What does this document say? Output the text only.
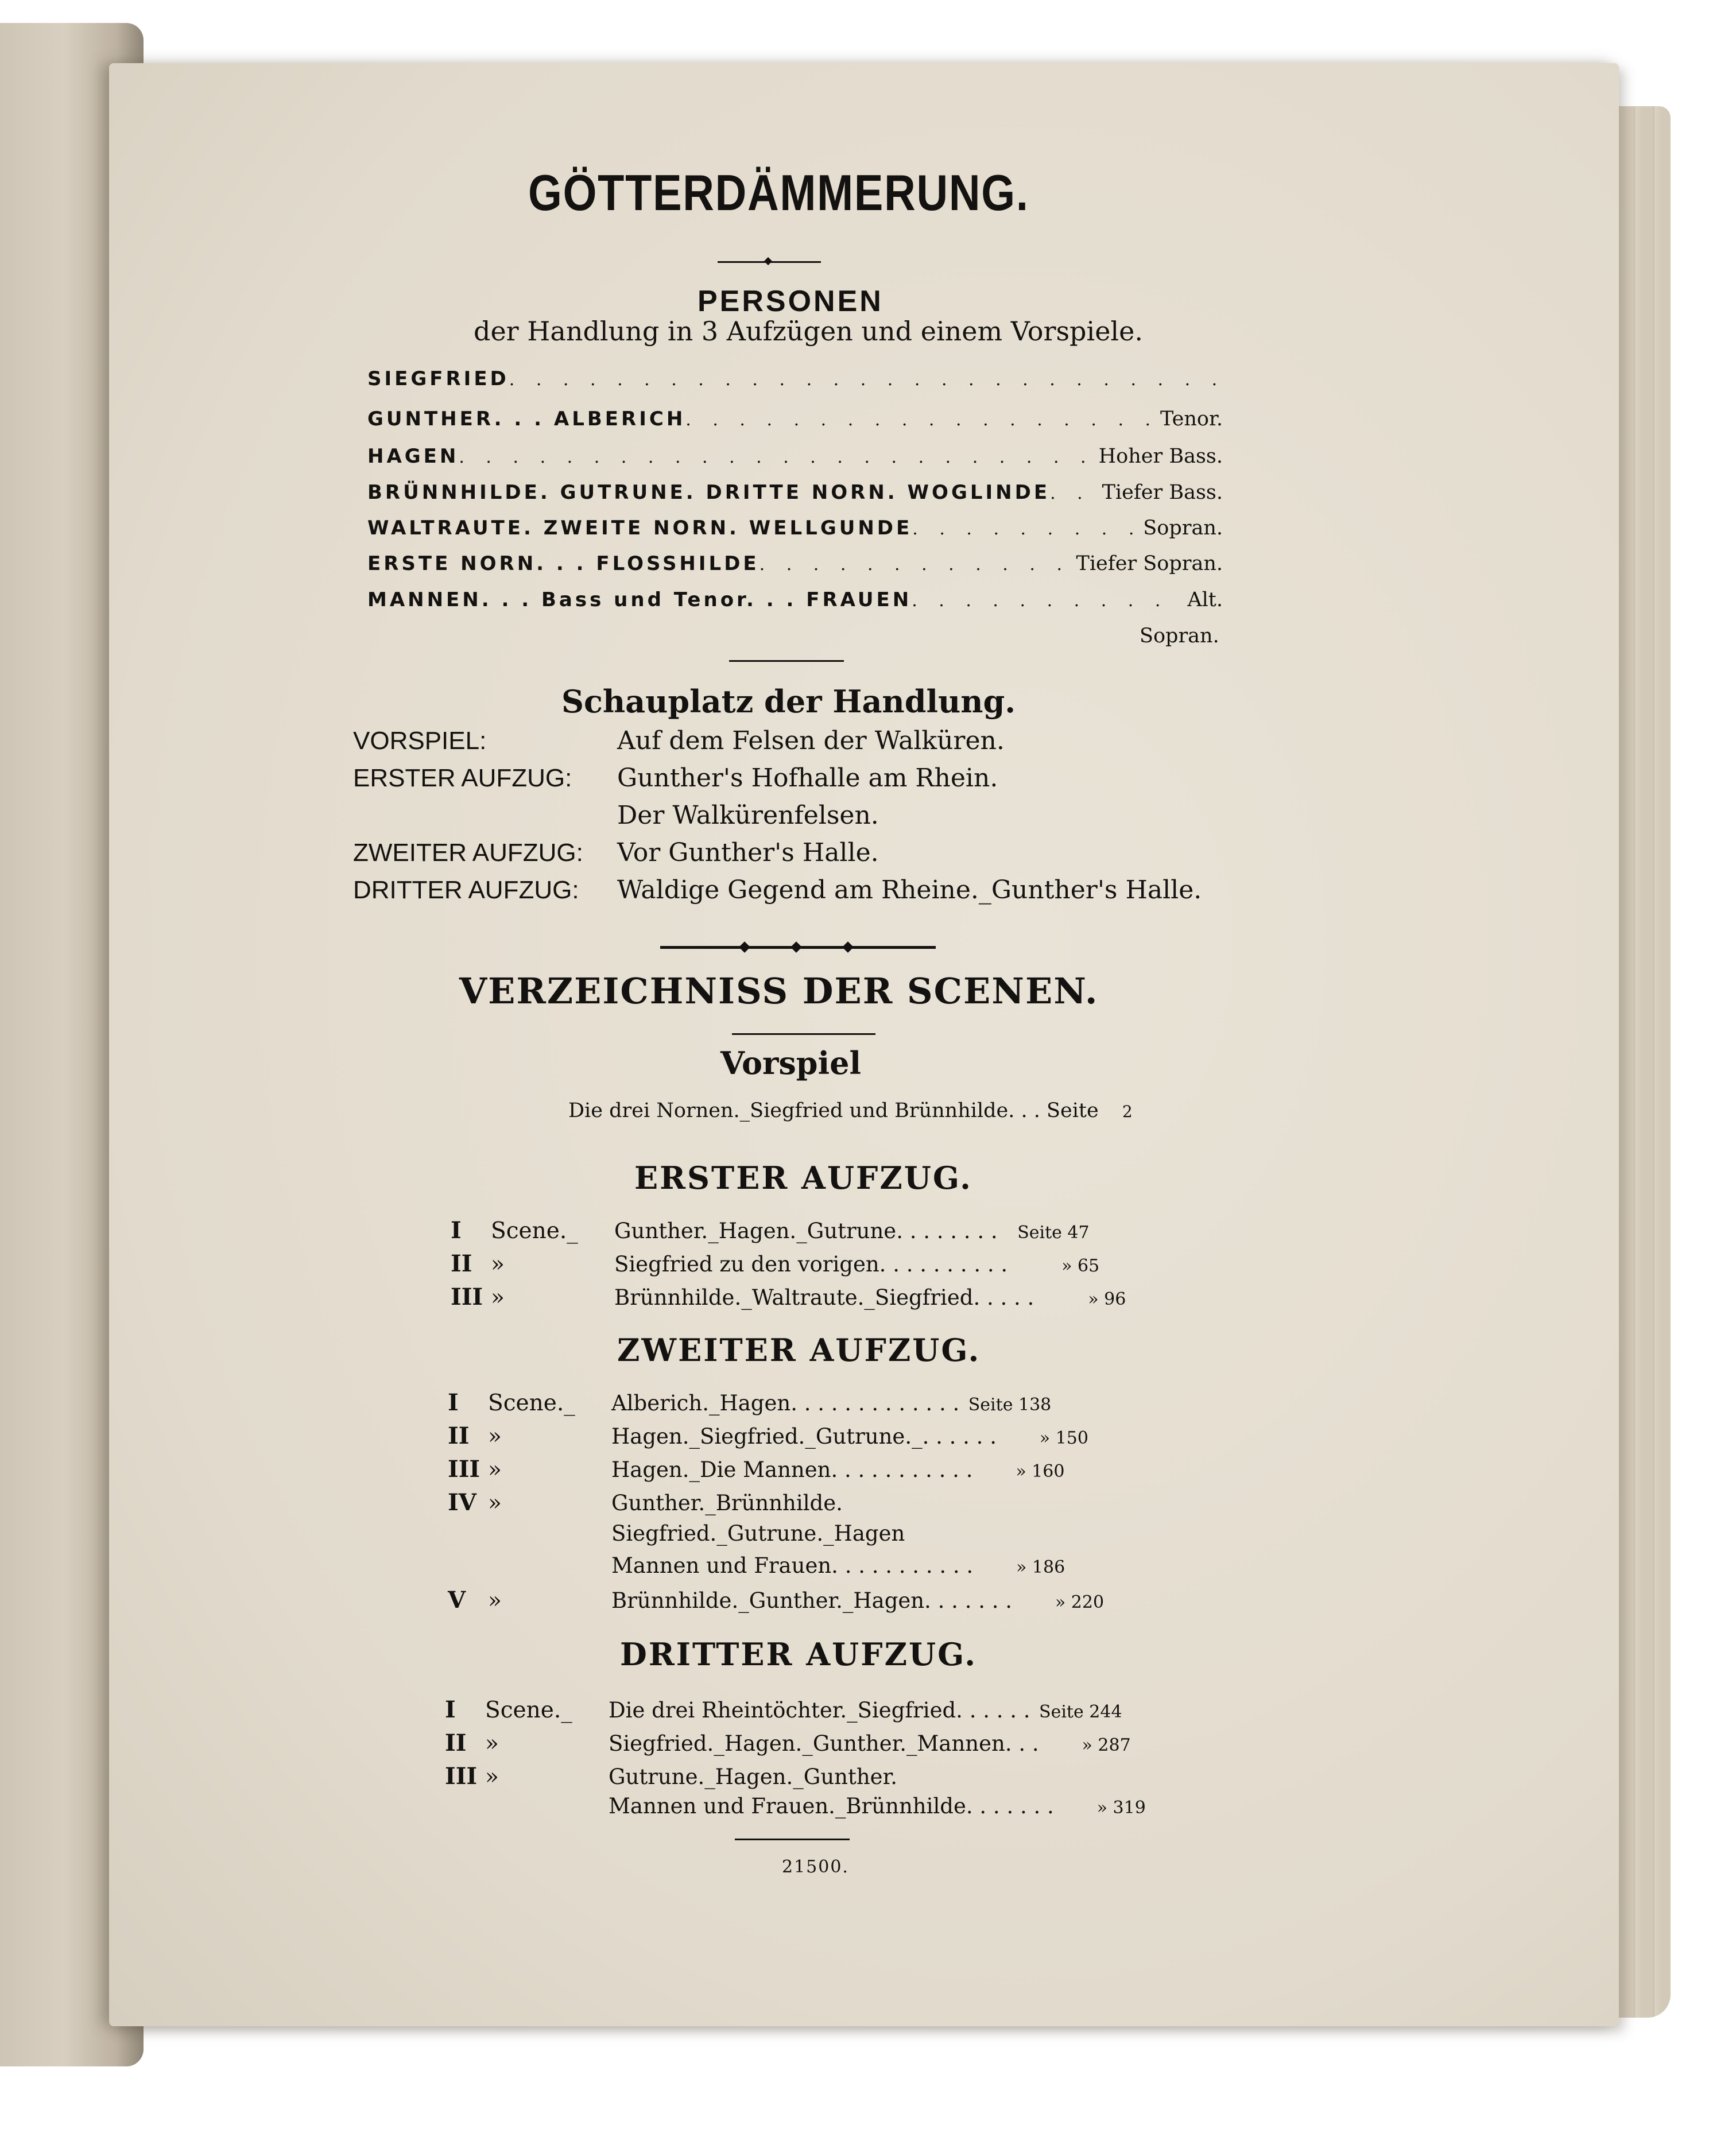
GÖTTERDÄMMERUNG.
PERSONEN
der Handlung in 3 Aufzügen und einem Vorspiele.
SIEGFRIED
. . .
GUNTHER. . . ALBERICH . . .	Tenor.
HAGEN . . .	Hoher Bass.
BRÜNNHILDE. GUTRUNE. DRITTE NORN. WOGLINDE . . .	Tiefer Bass.
WALTRAUTE. ZWEITE NORN. WELLGUNDE . . .	Sopran.
ERSTE NORN. . . FLOSSHILDE . . .	Tiefer Sopran.
MANNEN. . . Bass und Tenor. . . FRAUEN . . .	Alt.
Sopran.
Schauplatz der Handlung.
VORSPIEL:	Auf dem Felsen der Walküren.
ERSTER AUFZUG: Gunther's Hofhalle am Rhein.
Der Walkürenfelsen.
ZWEITER AUFZUG: Vor Gunther's Halle.
DRITTER AUFZUG: Waldige Gegend am Rheine._Gunther's Halle.
VERZEICHNISS DER SCENEN.
Vorspiel
Die drei Nornen._Siegfried und Brünnhilde. . . Seite 2
ERSTER AUFZUG.
I	Scene._	Gunther._Hagen._Gutrune. . . . . . . .	Seite 47
II »	Siegfried zu den vorigen. . . . . . . . . .	» 65
III »	Brünnhilde._Waltraute._Siegfried. . . . .	» 96
ZWEITER AUFZUG.
I	Scene._	Alberich._Hagen. . . . . . . . . . . . . Seite 138
II »	Hagen._Siegfried._Gutrune._. . . . . .	» 150
III »	Hagen._Die Mannen. . . . . . . . . . .	» 160
IV »	Gunther._Brünnhilde.
Siegfried._Gutrune._Hagen
Mannen und Frauen. . . . . . . . . . .	» 186
V »	Brünnhilde._Gunther._Hagen. . . . . . .	» 220
DRITTER AUFZUG.
I	Scene._	Die drei Rheintöchter._Siegfried. . . . . . Seite 244
II »	Siegfried._Hagen._Gunther._Mannen. . .	» 287
III »	Gutrune._Hagen._Gunther.
Mannen und Frauen._Brünnhilde. . . . . . .	» 319
21500.
